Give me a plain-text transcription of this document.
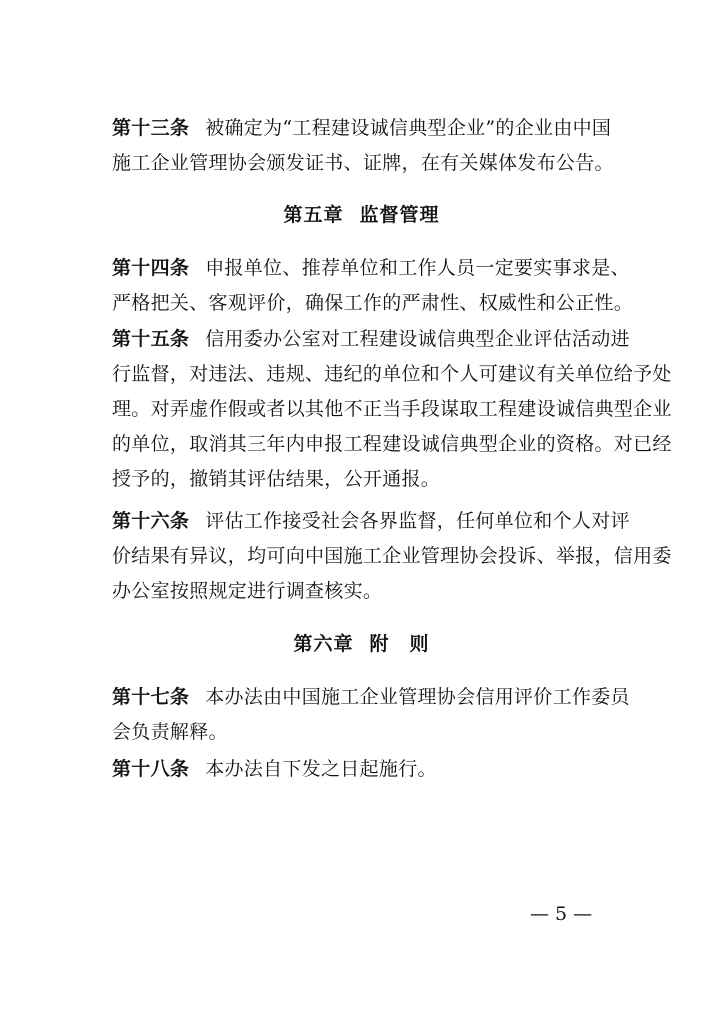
第十三条 被确定为“工程建设诚信典型企业”的企业由中国
施工企业管理协会颁发证书、证牌，在有关媒体发布公告。
第五章 监督管理
第十四条 申报单位、推荐单位和工作人员一定要实事求是、
严格把关、客观评价，确保工作的严肃性、权威性和公正性。
第十五条 信用委办公室对工程建设诚信典型企业评估活动进
行监督，对违法、违规、违纪的单位和个人可建议有关单位给予处
理。对弄虚作假或者以其他不正当手段谋取工程建设诚信典型企业
的单位，取消其三年内申报工程建设诚信典型企业的资格。对已经
授予的，撤销其评估结果，公开通报。
第十六条 评估工作接受社会各界监督，任何单位和个人对评
价结果有异议，均可向中国施工企业管理协会投诉、举报，信用委
办公室按照规定进行调查核实。
第六章 附　则
第十七条 本办法由中国施工企业管理协会信用评价工作委员
会负责解释。
第十八条 本办法自下发之日起施行。
— 5 —
